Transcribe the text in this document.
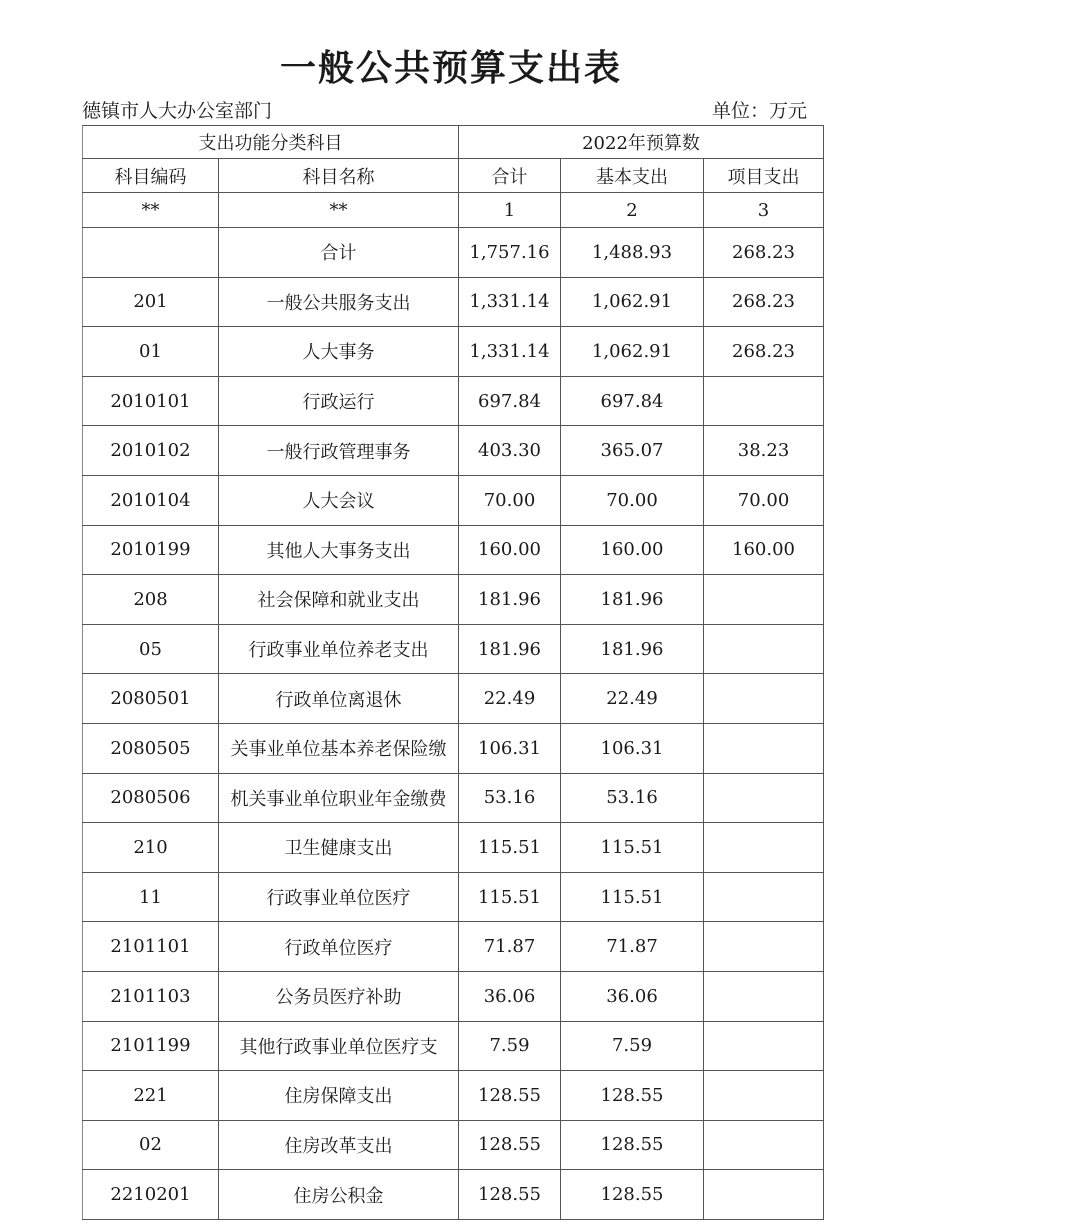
一般公共预算支出表
德镇市人大办公室部门	单位：万元
支出功能分类科目		2022年预算数		
科目编码	科目名称	合计	基本支出	项目支出
**	**	1	2	3
	合计	1,757.16	1,488.93	268.23
201	一般公共服务支出	1,331.14	1,062.91	268.23
01	人大事务	1,331.14	1,062.91	268.23
2010101	行政运行	697.84	697.84	
2010102	一般行政管理事务	403.30	365.07	38.23
2010104	人大会议	70.00	70.00	70.00
2010199	其他人大事务支出	160.00	160.00	160.00
208	社会保障和就业支出	181.96	181.96	
05	行政事业单位养老支出	181.96	181.96	
2080501	行政单位离退休	22.49	22.49	
2080505	关事业单位基本养老保险缴	106.31	106.31	
2080506	机关事业单位职业年金缴费	53.16	53.16	
210	卫生健康支出	115.51	115.51	
11	行政事业单位医疗	115.51	115.51	
2101101	行政单位医疗	71.87	71.87	
2101103	公务员医疗补助	36.06	36.06	
2101199	其他行政事业单位医疗支	7.59	7.59	
221	住房保障支出	128.55	128.55	
02	住房改革支出	128.55	128.55	
2210201	住房公积金	128.55	128.55	
